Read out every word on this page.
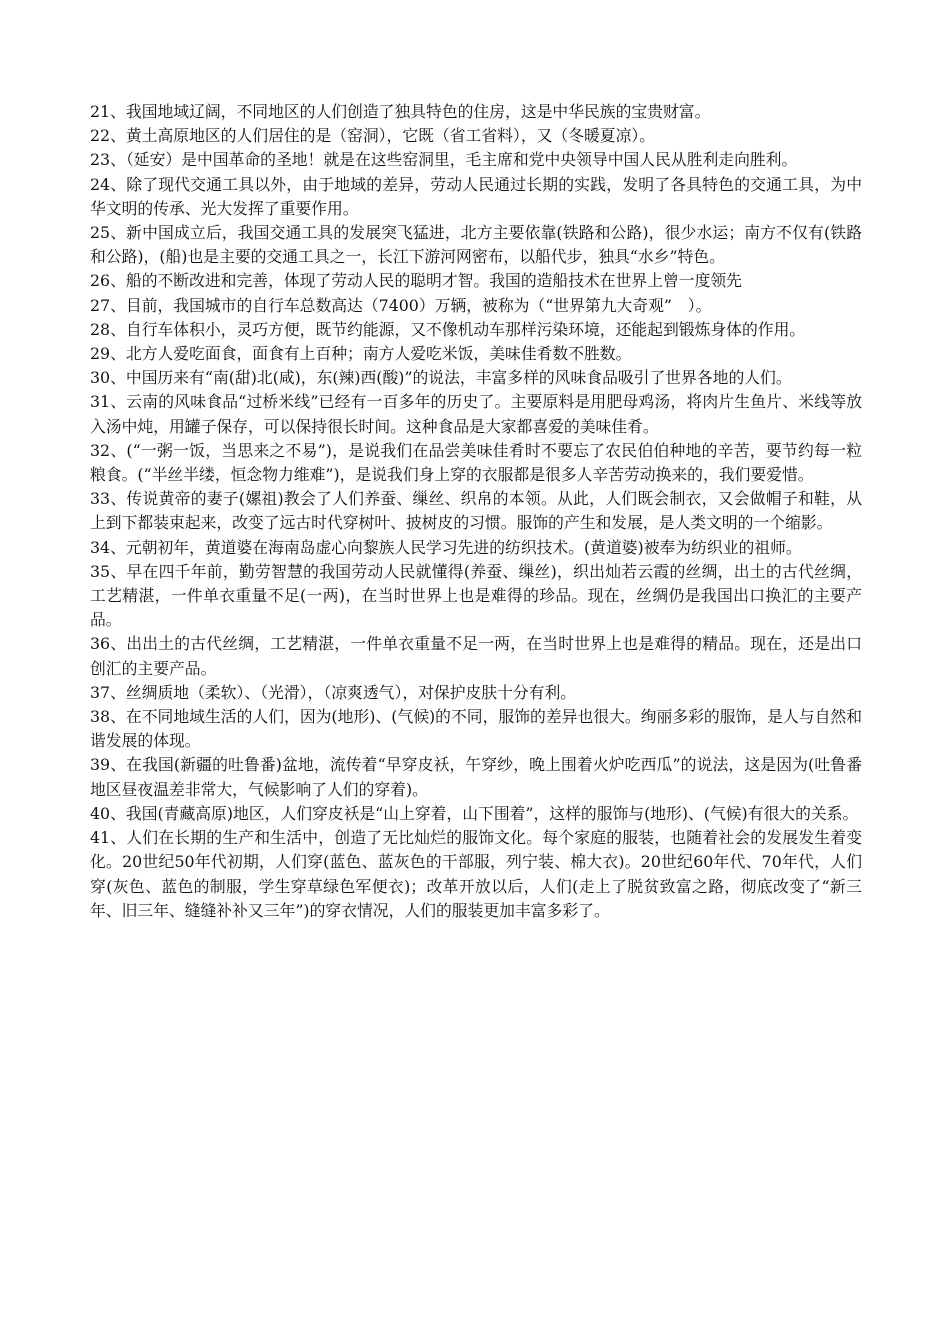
21、我国地域辽阔，不同地区的人们创造了独具特色的住房，这是中华民族的宝贵财富。

22、黄土高原地区的人们居住的是（窑洞），它既（省工省料），又（冬暖夏凉）。

23、（延安）是中国革命的圣地！就是在这些窑洞里，毛主席和党中央领导中国人民从胜利走向胜利。

24、除了现代交通工具以外，由于地域的差异，劳动人民通过长期的实践，发明了各具特色的交通工具，为中华文明的传承、光大发挥了重要作用。

25、新中国成立后，我国交通工具的发展突飞猛进，北方主要依靠(铁路和公路)，很少水运；南方不仅有(铁路和公路)，(船)也是主要的交通工具之一，长江下游河网密布，以船代步，独具“水乡”特色。

26、船的不断改进和完善，体现了劳动人民的聪明才智。我国的造船技术在世界上曾一度领先

27、目前，我国城市的自行车总数高达（7400）万辆，被称为（“世界第九大奇观”　）。

28、自行车体积小，灵巧方便，既节约能源，又不像机动车那样污染环境，还能起到锻炼身体的作用。

29、北方人爱吃面食，面食有上百种；南方人爱吃米饭，美味佳肴数不胜数。

30、中国历来有“南(甜)北(咸)，东(辣)西(酸)”的说法，丰富多样的风味食品吸引了世界各地的人们。

31、云南的风味食品“过桥米线”已经有一百多年的历史了。主要原料是用肥母鸡汤，将肉片生鱼片、米线等放入汤中炖，用罐子保存，可以保持很长时间。这种食品是大家都喜爱的美味佳肴。

32、(“一粥一饭，当思来之不易”)，是说我们在品尝美味佳肴时不要忘了农民伯伯种地的辛苦，要节约每一粒粮食。(“半丝半缕，恒念物力维难”)，是说我们身上穿的衣服都是很多人辛苦劳动换来的，我们要爱惜。

33、传说黄帝的妻子(嫘祖)教会了人们养蚕、缫丝、织帛的本领。从此，人们既会制衣，又会做帽子和鞋，从上到下都装束起来，改变了远古时代穿树叶、披树皮的习惯。服饰的产生和发展，是人类文明的一个缩影。

34、元朝初年，黄道婆在海南岛虚心向黎族人民学习先进的纺织技术。(黄道婆)被奉为纺织业的祖师。

35、早在四千年前，勤劳智慧的我国劳动人民就懂得(养蚕、缫丝)，织出灿若云霞的丝绸，出土的古代丝绸，工艺精湛，一件单衣重量不足(一两)，在当时世界上也是难得的珍品。现在，丝绸仍是我国出口换汇的主要产品。

36、出出土的古代丝绸，工艺精湛，一件单衣重量不足一两，在当时世界上也是难得的精品。现在，还是出口创汇的主要产品。

37、丝绸质地（柔软）、（光滑），（凉爽透气），对保护皮肤十分有利。

38、在不同地域生活的人们，因为(地形)、(气候)的不同，服饰的差异也很大。绚丽多彩的服饰，是人与自然和谐发展的体现。

39、在我国(新疆的吐鲁番)盆地，流传着“早穿皮袄，午穿纱，晚上围着火炉吃西瓜”的说法，这是因为(吐鲁番地区昼夜温差非常大，气候影响了人们的穿着)。

40、我国(青藏高原)地区，人们穿皮袄是“山上穿着，山下围着”，这样的服饰与(地形)、(气候)有很大的关系。

41、人们在长期的生产和生活中，创造了无比灿烂的服饰文化。每个家庭的服装，也随着社会的发展发生着变化。20世纪50年代初期，人们穿(蓝色、蓝灰色的干部服，列宁装、棉大衣)。20世纪60年代、70年代，人们穿(灰色、蓝色的制服，学生穿草绿色军便衣)；改革开放以后，人们(走上了脱贫致富之路，彻底改变了“新三年、旧三年、缝缝补补又三年”)的穿衣情况，人们的服装更加丰富多彩了。
